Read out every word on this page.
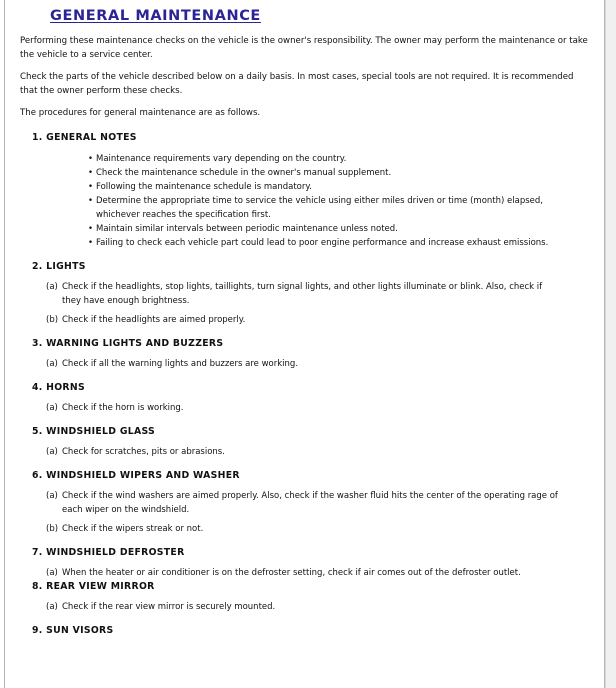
GENERAL MAINTENANCE

Performing these maintenance checks on the vehicle is the owner's responsibility. The owner may perform the maintenance or take the vehicle to a service center.

Check the parts of the vehicle described below on a daily basis. In most cases, special tools are not required. It is recommended that the owner perform these checks.

The procedures for general maintenance are as follows.

1. GENERAL NOTES
• Maintenance requirements vary depending on the country.
• Check the maintenance schedule in the owner's manual supplement.
• Following the maintenance schedule is mandatory.
• Determine the appropriate time to service the vehicle using either miles driven or time (month) elapsed, whichever reaches the specification first.
• Maintain similar intervals between periodic maintenance unless noted.
• Failing to check each vehicle part could lead to poor engine performance and increase exhaust emissions.
2. LIGHTS
(a) Check if the headlights, stop lights, taillights, turn signal lights, and other lights illuminate or blink. Also, check if they have enough brightness.
(b) Check if the headlights are aimed properly.
3. WARNING LIGHTS AND BUZZERS
(a) Check if all the warning lights and buzzers are working.
4. HORNS
(a) Check if the horn is working.
5. WINDSHIELD GLASS
(a) Check for scratches, pits or abrasions.
6. WINDSHIELD WIPERS AND WASHER
(a) Check if the wind washers are aimed properly. Also, check if the washer fluid hits the center of the operating rage of each wiper on the windshield.
(b) Check if the wipers streak or not.
7. WINDSHIELD DEFROSTER
(a) When the heater or air conditioner is on the defroster setting, check if air comes out of the defroster outlet.
8. REAR VIEW MIRROR
(a) Check if the rear view mirror is securely mounted.
9. SUN VISORS
